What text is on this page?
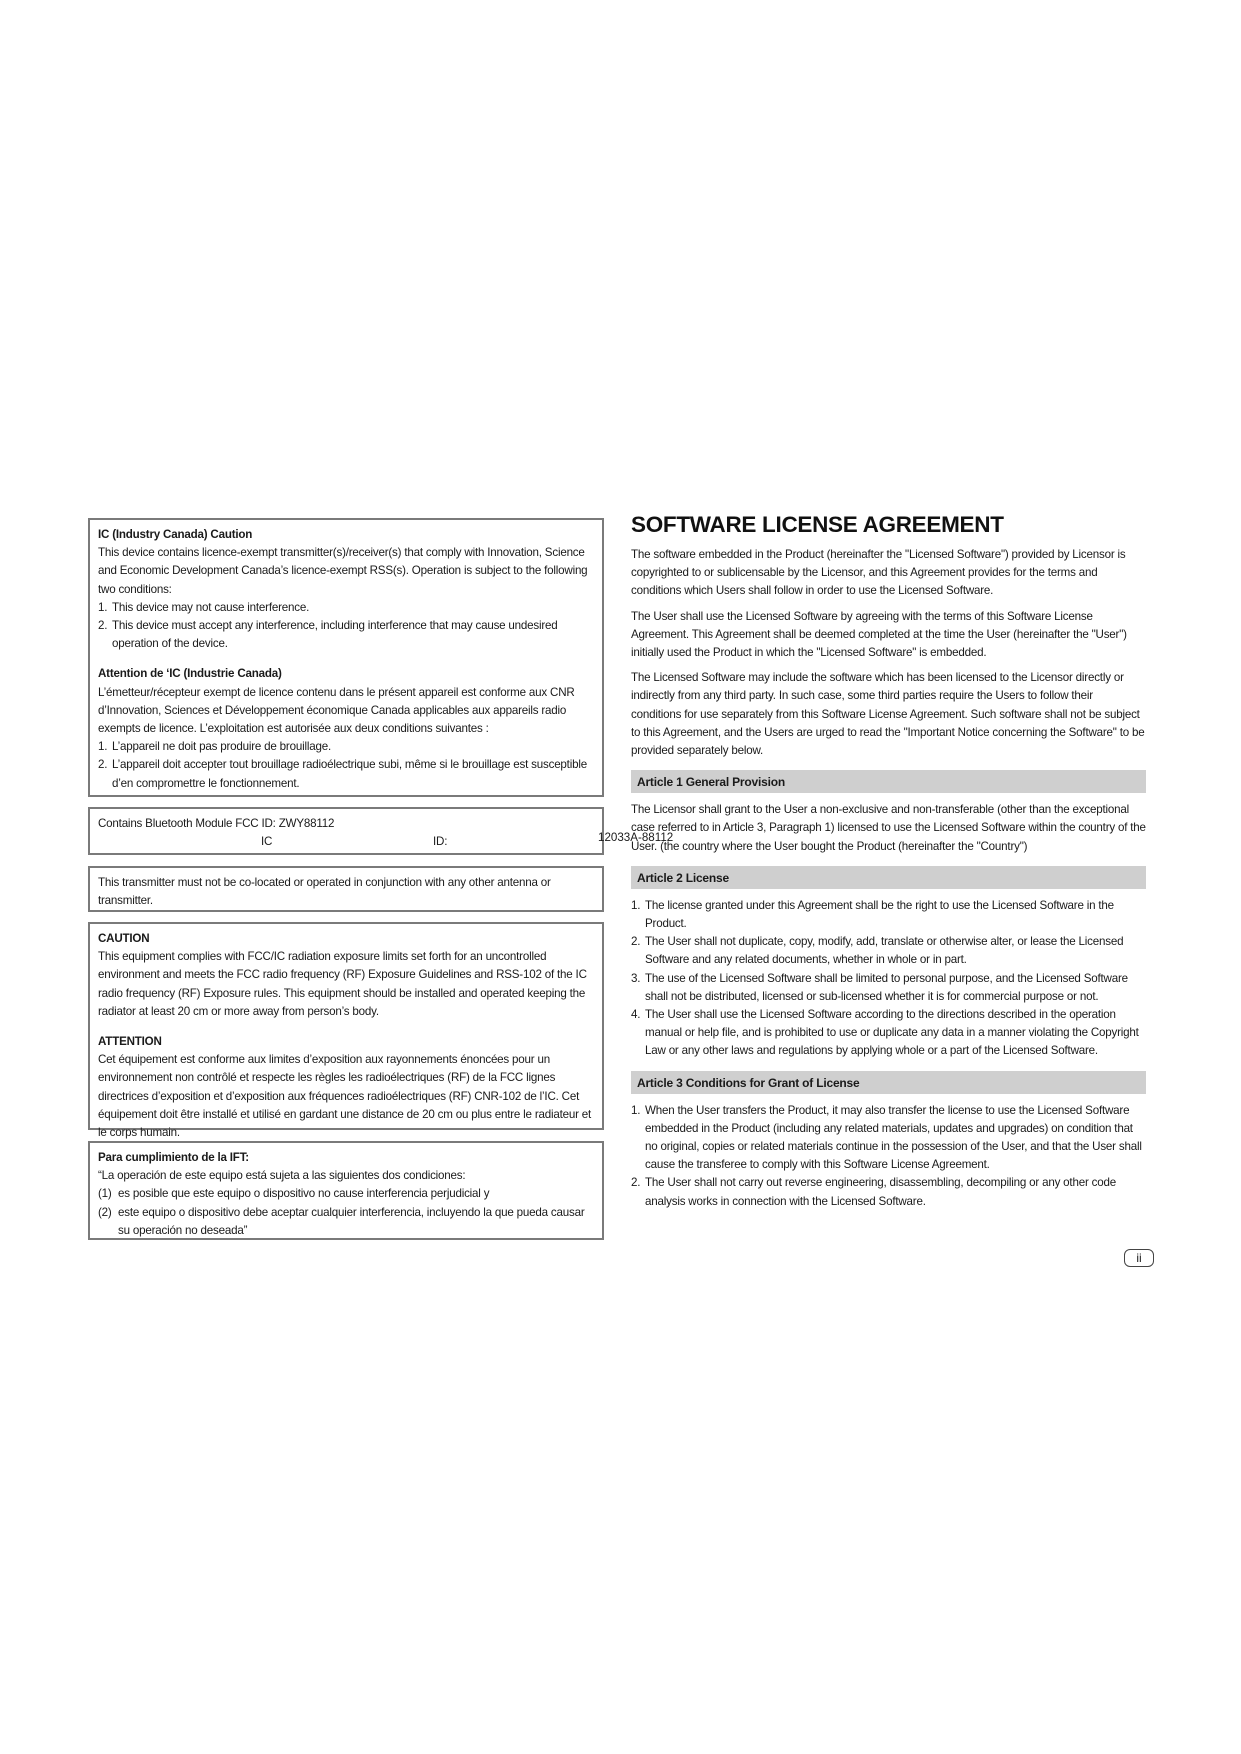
IC (Industry Canada) Caution
This device contains licence-exempt transmitter(s)/receiver(s) that comply with Innovation, Science and Economic Development Canada’s licence-exempt RSS(s). Operation is subject to the following two conditions:
1. This device may not cause interference.
2. This device must accept any interference, including interference that may cause undesired operation of the device.
Attention de ‘IC (Industrie Canada)
L’émetteur/récepteur exempt de licence contenu dans le présent appareil est conforme aux CNR d’Innovation, Sciences et Développement économique Canada applicables aux appareils radio exempts de licence. L’exploitation est autorisée aux deux conditions suivantes :
1. L’appareil ne doit pas produire de brouillage.
2. L’appareil doit accepter tout brouillage radioélectrique subi, même si le brouillage est susceptible d’en compromettre le fonctionnement.
Contains Bluetooth Module FCC ID: ZWY88112
IC	ID:	12033A-88112
This transmitter must not be co-located or operated in conjunction with any other antenna or transmitter.
CAUTION
This equipment complies with FCC/IC radiation exposure limits set forth for an uncontrolled environment and meets the FCC radio frequency (RF) Exposure Guidelines and RSS-102 of the IC radio frequency (RF) Exposure rules. This equipment should be installed and operated keeping the radiator at least 20 cm or more away from person’s body.
ATTENTION
Cet équipement est conforme aux limites d’exposition aux rayonnements énoncées pour un environnement non contrôlé et respecte les règles les radioélectriques (RF) de la FCC lignes directrices d’exposition et d’exposition aux fréquences radioélectriques (RF) CNR-102 de l’IC. Cet équipement doit être installé et utilisé en gardant une distance de 20 cm ou plus entre le radiateur et le corps humain.
Para cumplimiento de la IFT:
“La operación de este equipo está sujeta a las siguientes dos condiciones:
(1) es posible que este equipo o dispositivo no cause interferencia perjudicial y
(2) este equipo o dispositivo debe aceptar cualquier interferencia, incluyendo la que pueda causar su operación no deseada”
SOFTWARE LICENSE AGREEMENT

The software embedded in the Product (hereinafter the "Licensed Software") provided by Licensor is copyrighted to or sublicensable by the Licensor, and this Agreement provides for the terms and conditions which Users shall follow in order to use the Licensed Software.

The User shall use the Licensed Software by agreeing with the terms of this Software License Agreement. This Agreement shall be deemed completed at the time the User (hereinafter the "User") initially used the Product in which the "Licensed Software" is embedded.

The Licensed Software may include the software which has been licensed to the Licensor directly or indirectly from any third party. In such case, some third parties require the Users to follow their conditions for use separately from this Software License Agreement. Such software shall not be subject to this Agreement, and the Users are urged to read the "Important Notice concerning the Software" to be provided separately below.

Article 1 General Provision

The Licensor shall grant to the User a non-exclusive and non-transferable (other than the exceptional case referred to in Article 3, Paragraph 1) licensed to use the Licensed Software within the country of the User. (the country where the User bought the Product (hereinafter the "Country")

Article 2 License
1. The license granted under this Agreement shall be the right to use the Licensed Software in the Product.
2. The User shall not duplicate, copy, modify, add, translate or otherwise alter, or lease the Licensed Software and any related documents, whether in whole or in part.
3. The use of the Licensed Software shall be limited to personal purpose, and the Licensed Software shall not be distributed, licensed or sub-licensed whether it is for commercial purpose or not.
4. The User shall use the Licensed Software according to the directions described in the operation manual or help file, and is prohibited to use or duplicate any data in a manner violating the Copyright Law or any other laws and regulations by applying whole or a part of the Licensed Software.
Article 3 Conditions for Grant of License
1. When the User transfers the Product, it may also transfer the license to use the Licensed Software embedded in the Product (including any related materials, updates and upgrades) on condition that no original, copies or related materials continue in the possession of the User, and that the User shall cause the transferee to comply with this Software License Agreement.
2. The User shall not carry out reverse engineering, disassembling, decompiling or any other code analysis works in connection with the Licensed Software.
ii
